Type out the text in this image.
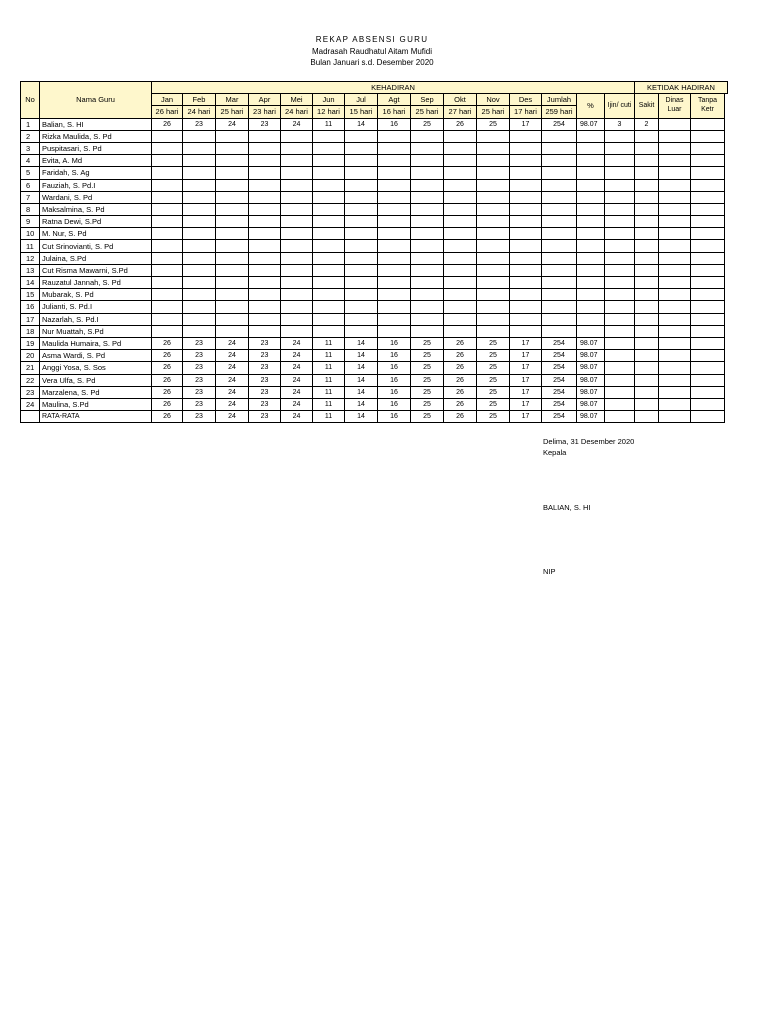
REKAP ABSENSI GURU
Madrasah Raudhatul Aitam Mufidi
Bulan Januari s.d. Desember 2020
No	Nama Guru	KEHADIRAN															KETIDAK HADIRAN		
		Jan	Feb	Mar	Apr	Mei	Jun	Jul	Agt	Sep	Okt	Nov	Des	Jumlah	%	Ijin/ cuti	Sakit	Dinas Luar	Tanpa Ketr
		26 hari	24 hari	25 hari	23 hari	24 hari	12 hari	15 hari	16 hari	25 hari	27 hari	25 hari	17 hari	259 hari					
1	Balian, S. HI	26	23	24	23	24	11	14	16	25	26	25	17	254	98.07	3	2		
2	Rizka Maulida, S. Pd																		
3	Puspitasari, S. Pd																		
4	Evita, A. Md																		
5	Faridah, S. Ag																		
6	Fauziah, S. Pd.I																		
7	Wardani, S. Pd																		
8	Maksalmina, S. Pd																		
9	Ratna Dewi, S.Pd																		
10	M. Nur, S. Pd																		
11	Cut Srinovianti, S. Pd																		
12	Julaina, S.Pd																		
13	Cut Risma Mawarni, S.Pd																		
14	Rauzatul Jannah, S. Pd																		
15	Mubarak, S. Pd																		
16	Julianti, S. Pd.I																		
17	Nazarlah, S. Pd.I																		
18	Nur Muattah, S.Pd																		
19	Maulida Humaira, S. Pd	26	23	24	23	24	11	14	16	25	26	25	17	254	98.07				
20	Asma Wardi, S. Pd	26	23	24	23	24	11	14	16	25	26	25	17	254	98.07				
21	Anggi Yosa, S. Sos	26	23	24	23	24	11	14	16	25	26	25	17	254	98.07				
22	Vera Ulfa, S. Pd	26	23	24	23	24	11	14	16	25	26	25	17	254	98.07				
23	Marzalena, S. Pd	26	23	24	23	24	11	14	16	25	26	25	17	254	98.07				
24	Maulina, S.Pd	26	23	24	23	24	11	14	16	25	26	25	17	254	98.07				
	RATA-RATA	26	23	24	23	24	11	14	16	25	26	25	17	254	98.07				
Delima, 31 Desember 2020
Kepala
BALIAN, S. HI
NIP
